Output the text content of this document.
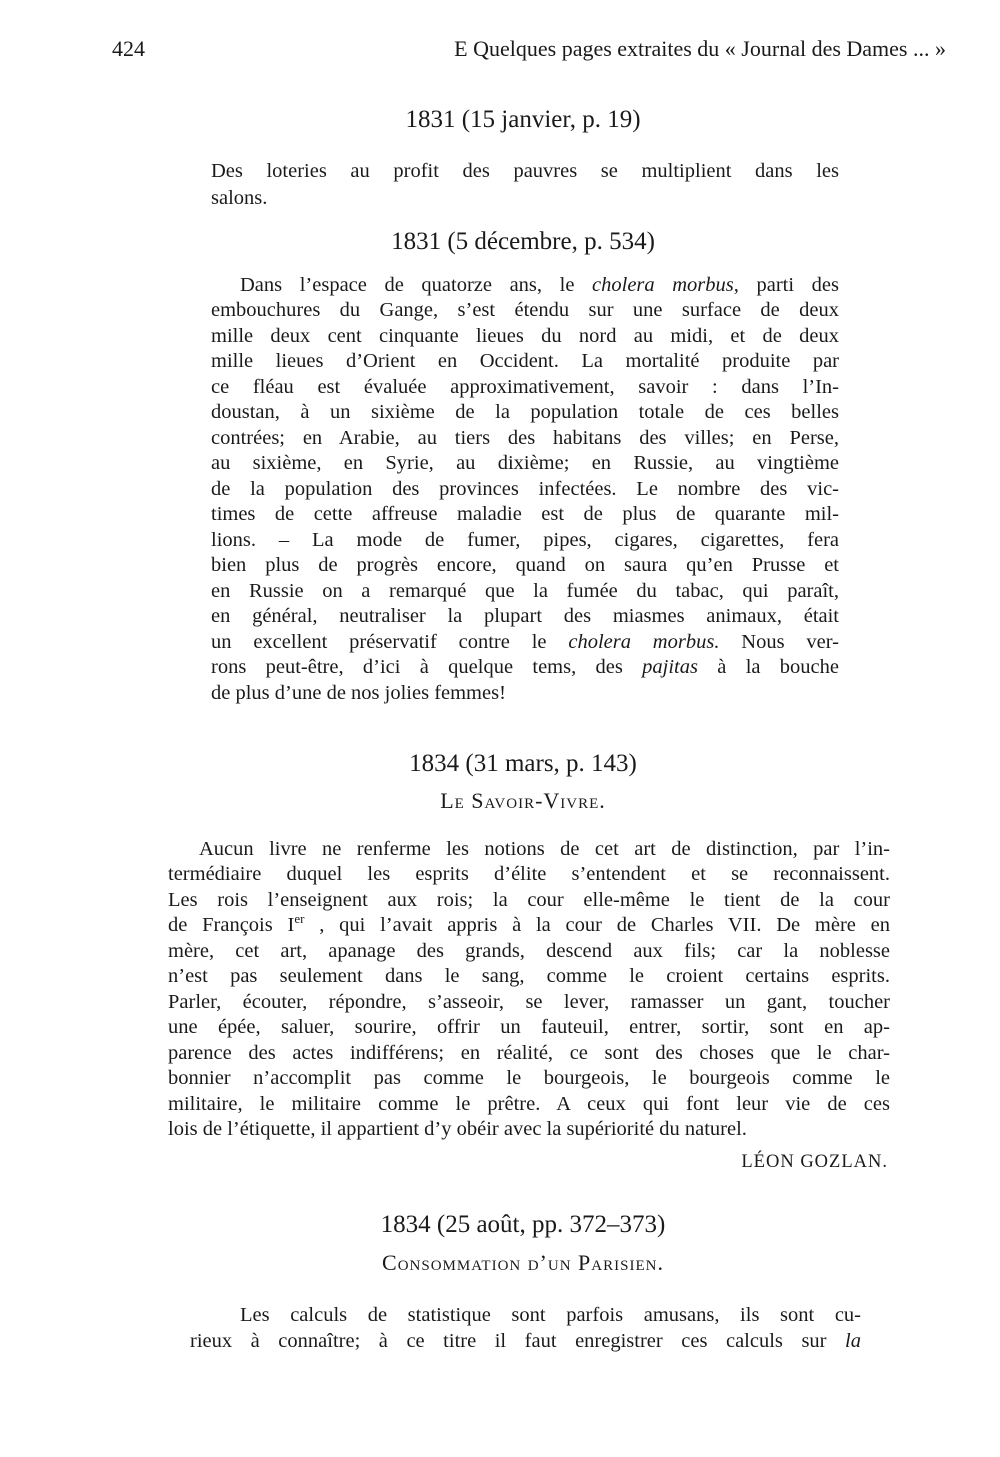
424	E Quelques pages extraites du « Journal des Dames ... »
1831 (15 janvier, p. 19)
Des loteries au profit des pauvres se multiplient dans les
salons.
1831 (5 décembre, p. 534)
Dans l’espace de quatorze ans, le cholera morbus, parti des
embouchures du Gange, s’est étendu sur une surface de deux
mille deux cent cinquante lieues du nord au midi, et de deux
mille lieues d’Orient en Occident. La mortalité produite par
ce fléau est évaluée approximativement, savoir : dans l’In-
doustan, à un sixième de la population totale de ces belles
contrées; en Arabie, au tiers des habitans des villes; en Perse,
au sixième, en Syrie, au dixième; en Russie, au vingtième
de la population des provinces infectées. Le nombre des vic-
times de cette affreuse maladie est de plus de quarante mil-
lions. – La mode de fumer, pipes, cigares, cigarettes, fera
bien plus de progrès encore, quand on saura qu’en Prusse et
en Russie on a remarqué que la fumée du tabac, qui paraît,
en général, neutraliser la plupart des miasmes animaux, était
un excellent préservatif contre le cholera morbus. Nous ver-
rons peut-être, d’ici à quelque tems, des pajitas à la bouche
de plus d’une de nos jolies femmes!
1834 (31 mars, p. 143)
Le Savoir-Vivre.
Aucun livre ne renferme les notions de cet art de distinction, par l’in-
termédiaire duquel les esprits d’élite s’entendent et se reconnaissent.
Les rois l’enseignent aux rois; la cour elle-même le tient de la cour
de François Ier , qui l’avait appris à la cour de Charles VII. De mère en
mère, cet art, apanage des grands, descend aux fils; car la noblesse
n’est pas seulement dans le sang, comme le croient certains esprits.
Parler, écouter, répondre, s’asseoir, se lever, ramasser un gant, toucher
une épée, saluer, sourire, offrir un fauteuil, entrer, sortir, sont en ap-
parence des actes indifférens; en réalité, ce sont des choses que le char-
bonnier n’accomplit pas comme le bourgeois, le bourgeois comme le
militaire, le militaire comme le prêtre. A ceux qui font leur vie de ces
lois de l’étiquette, il appartient d’y obéir avec la supériorité du naturel.
LÉON GOZLAN.
1834 (25 août, pp. 372–373)
Consommation d’un Parisien.
Les calculs de statistique sont parfois amusans, ils sont cu-
rieux à connaître; à ce titre il faut enregistrer ces calculs sur la
